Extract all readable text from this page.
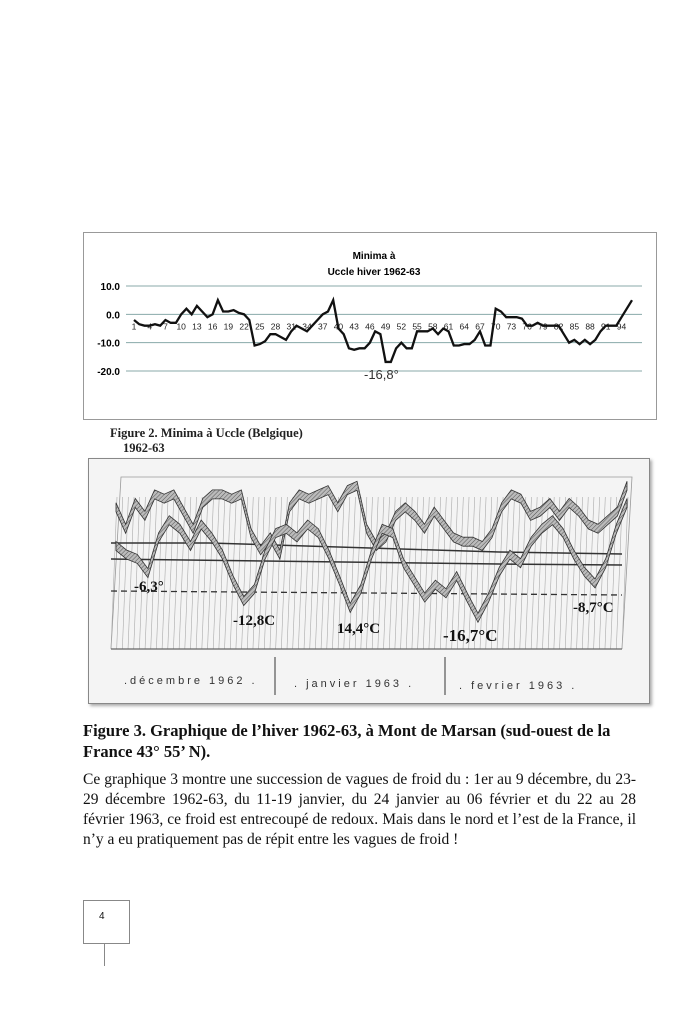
Minima à
Uccle hiver 1962-63
10.0
0.0
-10.0
-20.0
1 4 7 10 13 16 19 22 25 28 31 34 37 40 43 46 49 52 55 58 61 64 67 70 73 76 79 82 85 88 91 94
-16,8°
Figure 2. Minima à Uccle (Belgique)
1962-63
-6,3°
-12,8C	14,4°C	-16,7°C
-8,7°C
.décembre 1962 .	. janvier 1963 .	. fevrier 1963 .
Figure 3. Graphique de l’hiver 1962-63, à Mont de Marsan (sud-ouest de la France 43° 55’ N).
Ce graphique 3 montre une succession de vagues de froid du : 1er au 9 décembre, du 23-29 décembre 1962-63, du 11-19 janvier, du 24 janvier au 06 février et du 22 au 28 février 1963, ce froid est entrecoupé de redoux. Mais dans le nord et l’est de la France, il n’y a eu pratiquement pas de répit entre les vagues de froid !
4
